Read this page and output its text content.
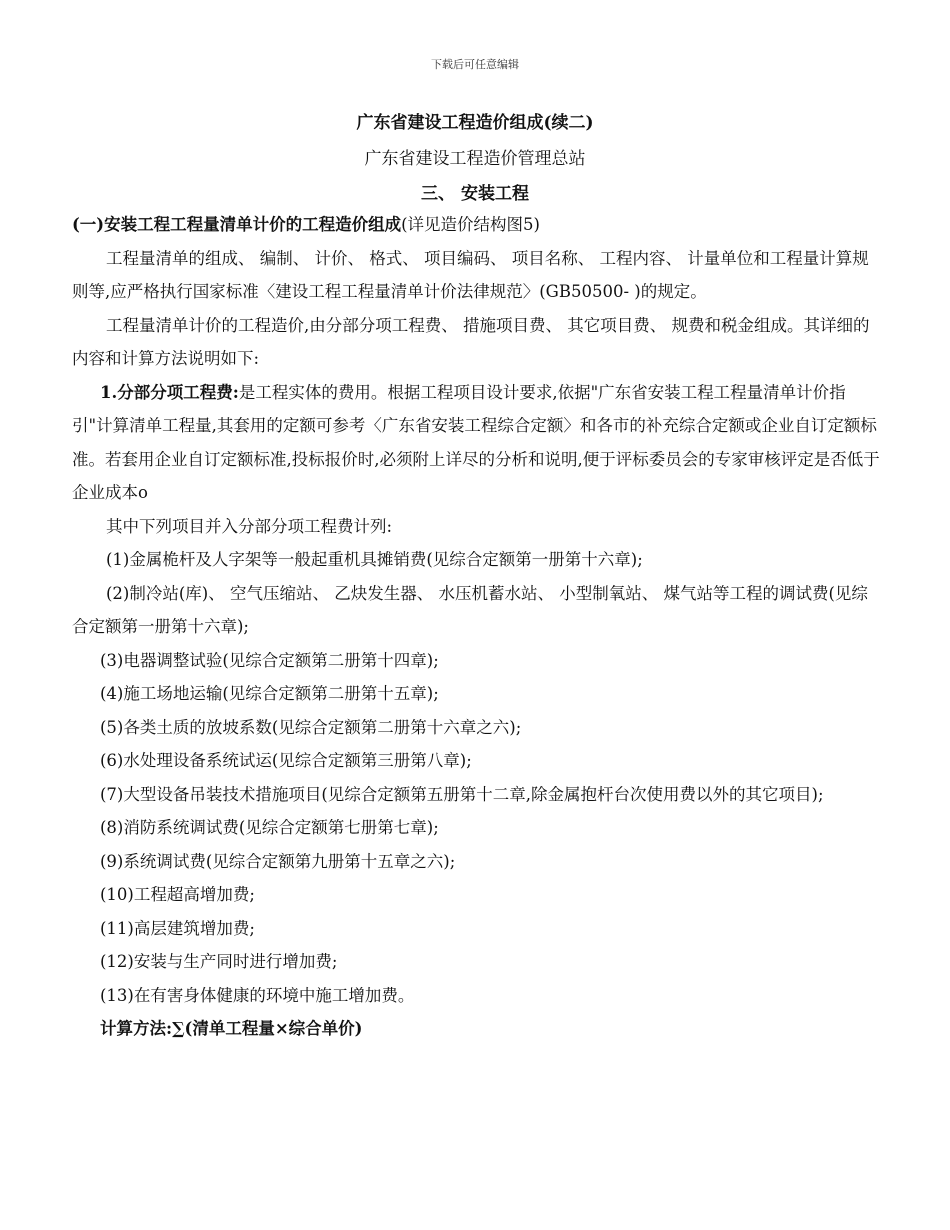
下载后可任意编辑
广东省建设工程造价组成(续二)
广东省建设工程造价管理总站
三、 安装工程

(一)安装工程工程量清单计价的工程造价组成(详见造价结构图5)

工程量清单的组成、 编制、 计价、 格式、 项目编码、 项目名称、 工程内容、 计量单位和工程量计算规则等,应严格执行国家标准〈建设工程工程量清单计价法律规范〉(GB50500- )的规定。

工程量清单计价的工程造价,由分部分项工程费、 措施项目费、 其它项目费、 规费和税金组成。其详细的内容和计算方法说明如下:

1.分部分项工程费:是工程实体的费用。根据工程项目设计要求,依据"广东省安装工程工程量清单计价指引"计算清单工程量,其套用的定额可参考〈广东省安装工程综合定额〉和各市的补充综合定额或企业自订定额标准。若套用企业自订定额标准,投标报价时,必须附上详尽的分析和说明,便于评标委员会的专家审核评定是否低于企业成本o

其中下列项目并入分部分项工程费计列:

(1)金属桅杆及人字架等一般起重机具摊销费(见综合定额第一册第十六章);

(2)制冷站(库)、 空气压缩站、 乙炔发生器、 水压机蓄水站、 小型制氧站、 煤气站等工程的调试费(见综合定额第一册第十六章);

(3)电器调整试验(见综合定额第二册第十四章);

(4)施工场地运输(见综合定额第二册第十五章);

(5)各类土质的放坡系数(见综合定额第二册第十六章之六);

(6)水处理设备系统试运(见综合定额第三册第八章);

(7)大型设备吊装技术措施项目(见综合定额第五册第十二章,除金属抱杆台次使用费以外的其它项目);

(8)消防系统调试费(见综合定额第七册第七章);

(9)系统调试费(见综合定额第九册第十五章之六);

(10)工程超高增加费;

(11)高层建筑增加费;

(12)安装与生产同时进行增加费;

(13)在有害身体健康的环境中施工增加费。

计算方法:∑(清单工程量×综合单价)
